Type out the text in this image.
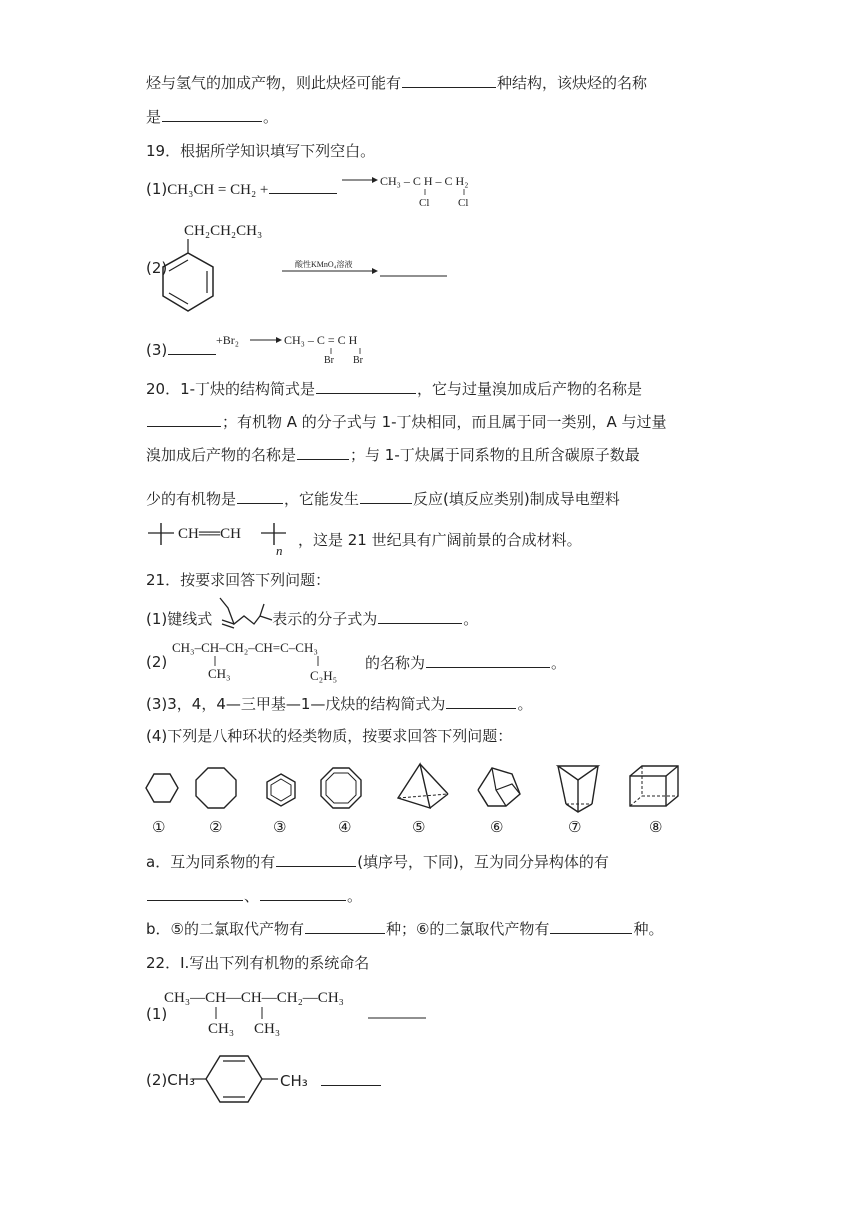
烃与氢气的加成产物，则此炔烃可能有	种结构，该炔烃的名称
是	。
19．根据所学知识填写下列空白。
(1)CH₃CH = CH₂ +
CH₃ – C H – C H₂
Cl	Cl
(2)
CH₂CH₂CH₃
酸性KMnO₄溶液
(3)
+Br₂	CH₃ – C = C H
Br Br
20．1-丁炔的结构简式是	，它与过量溴加成后产物的名称是
；有机物 A 的分子式与 1-丁炔相同，而且属于同一类别，A 与过量
溴加成后产物的名称是	；与 1-丁炔属于同系物的且所含碳原子数最
少的有机物是	，它能发生	反应(填反应类别)制成导电塑料
CH══CH
n
，这是 21 世纪具有广阔前景的合成材料。
21．按要求回答下列问题：
(1)键线式	表示的分子式为	。
(2)
CH₃–CH–CH₂–CH=C–CH₃
CH₃	C₂H₅
的名称为	。
(3)3，4，4—三甲基—1—戊炔的结构简式为	。
(4)下列是八种环状的烃类物质，按要求回答下列问题：
①	②	③	④	⑤	⑥	⑦	⑧
a．互为同系物的有	(填序号，下同)，互为同分异构体的有
、	。
b．⑤的二氯取代产物有	种；⑥的二氯取代产物有	种。
22．Ⅰ.写出下列有机物的系统命名
(1)
CH₃—CH—CH—CH₂—CH₃
CH₃ CH₃
(2)CH₃	CH₃
